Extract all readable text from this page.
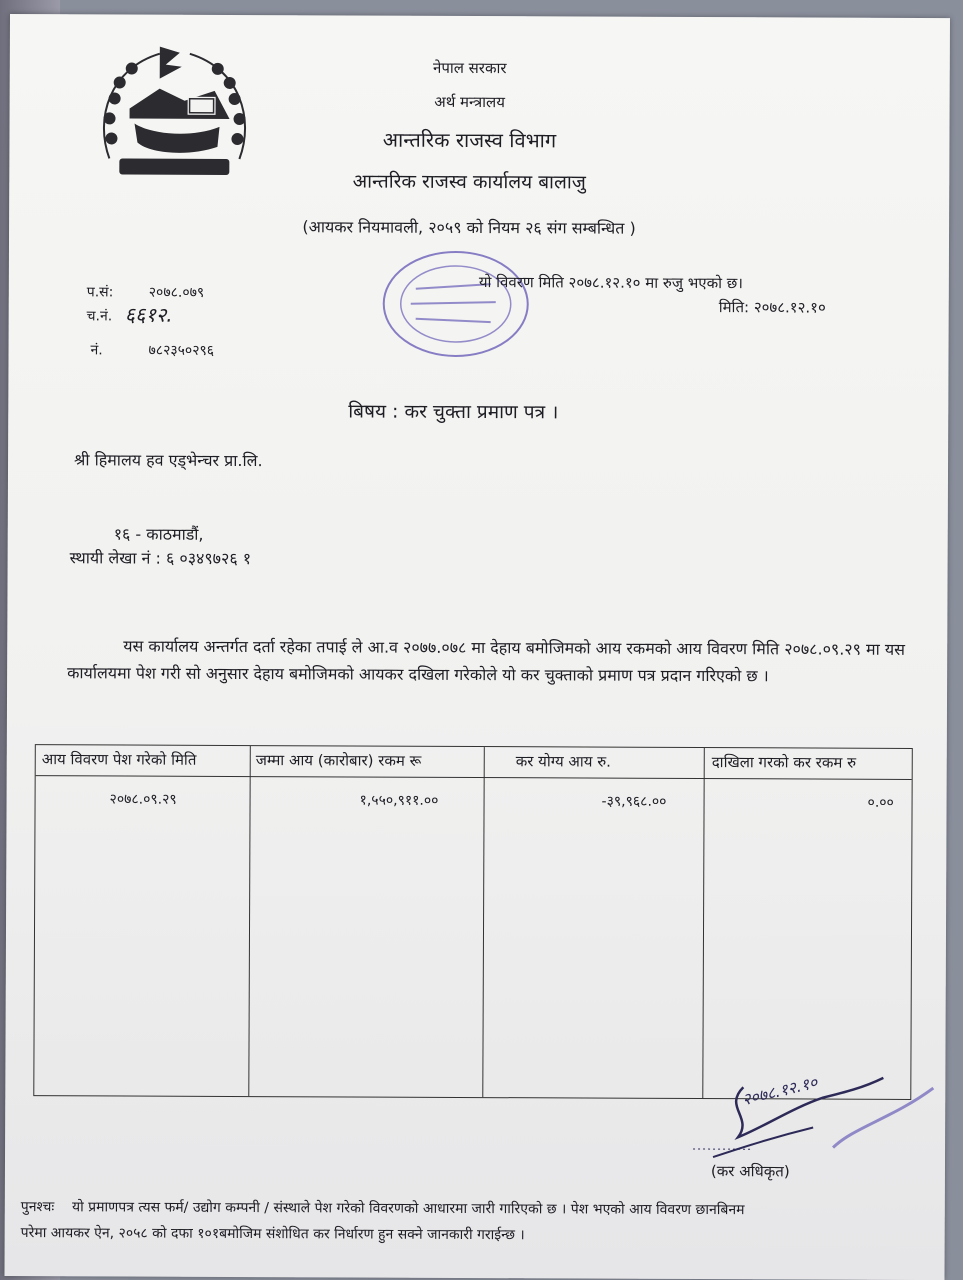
नेपाल सरकार
अर्थ मन्त्रालय
आन्तरिक राजस्व विभाग
आन्तरिक राजस्व कार्यालय बालाजु
(आयकर नियमावली, २०५९ को नियम २६ संग सम्बन्धित )
प.सं:	२०७८.०७९
च.नं. ६६१२.
नं.	७८२३५०२९६
यो विवरण मिति २०७८.१२.१० मा रुजु भएको छ।
मिति: २०७८.१२.१०
बिषय : कर चुक्ता प्रमाण पत्र ।
श्री हिमालय हव एड्भेन्चर प्रा.लि.
१६ - काठमाडौं,
स्थायी लेखा नं : ६ ०३४९७२६ १
यस कार्यालय अन्तर्गत दर्ता रहेका तपाई ले आ.व २०७७.०७८ मा देहाय बमोजिमको आय रकमको आय विवरण मिति २०७८.०९.२९ मा यस कार्यालयमा पेश गरी सो अनुसार देहाय बमोजिमको आयकर दखिला गरेकोले यो कर चुक्ताको प्रमाण पत्र प्रदान गरिएको छ ।
आय विवरण पेश गरेको मिति	जम्मा आय (कारोबार) रकम रू	कर योग्य आय रु.	दाखिला गरको कर रकम रु
२०७८.०९.२९	१,५५०,९११.००	-३९,९६८.००	०.००
२०७८.१२.१०
(कर अधिकृत)
पुनश्चः यो प्रमाणपत्र त्यस फर्म/ उद्योग कम्पनी / संस्थाले पेश गरेको विवरणको आधारमा जारी गारिएको छ । पेश भएको आय विवरण छानबिनम
परेमा आयकर ऐन, २०५८ को दफा १०१बमोजिम संशोधित कर निर्धारण हुन सक्ने जानकारी गराईन्छ ।
